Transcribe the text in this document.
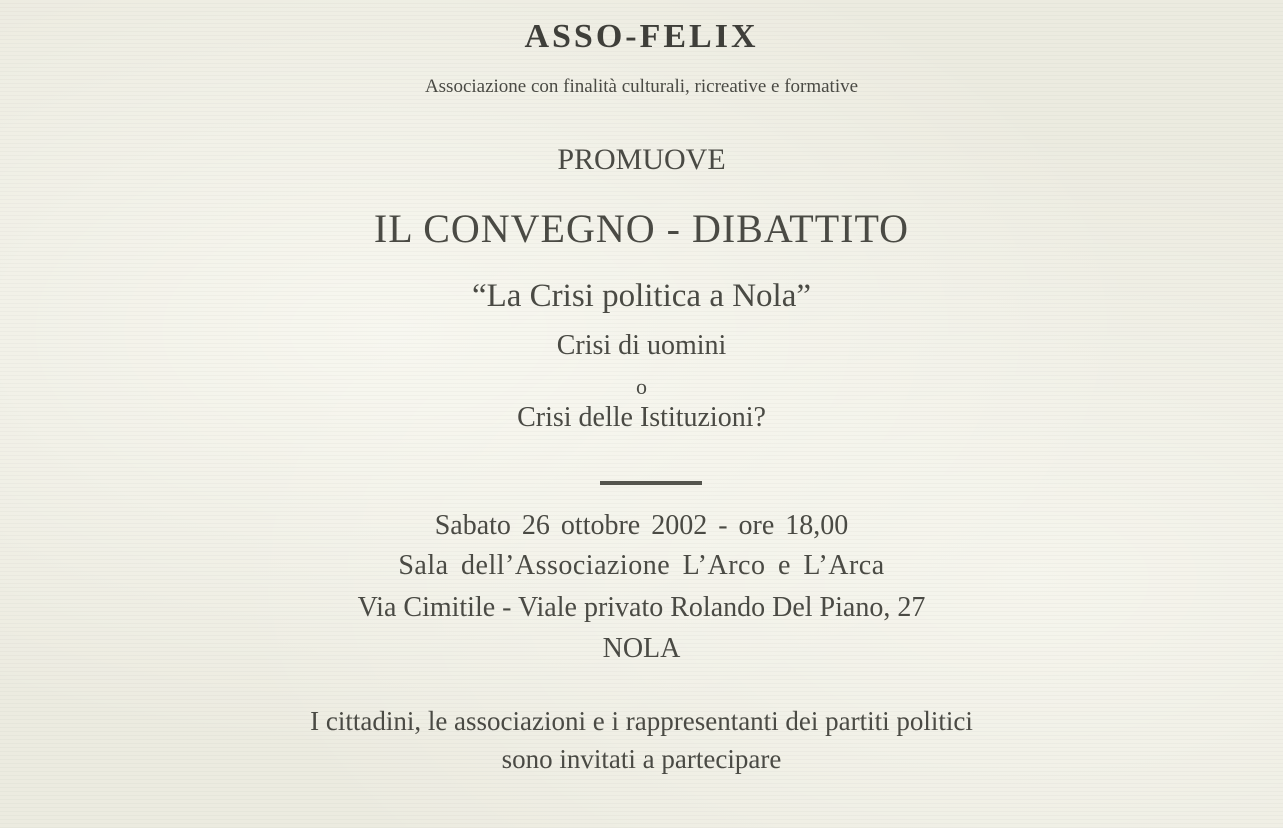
ASSO-FELIX
Associazione con finalità culturali, ricreative e formative
PROMUOVE
IL CONVEGNO - DIBATTITO
“La Crisi politica a Nola”
Crisi di uomini
o
Crisi delle Istituzioni?
Sabato 26 ottobre 2002 - ore 18,00
Sala dell’Associazione L’Arco e L’Arca
Via Cimitile - Viale privato Rolando Del Piano, 27
NOLA
I cittadini, le associazioni e i rappresentanti dei partiti politici
sono invitati a partecipare
